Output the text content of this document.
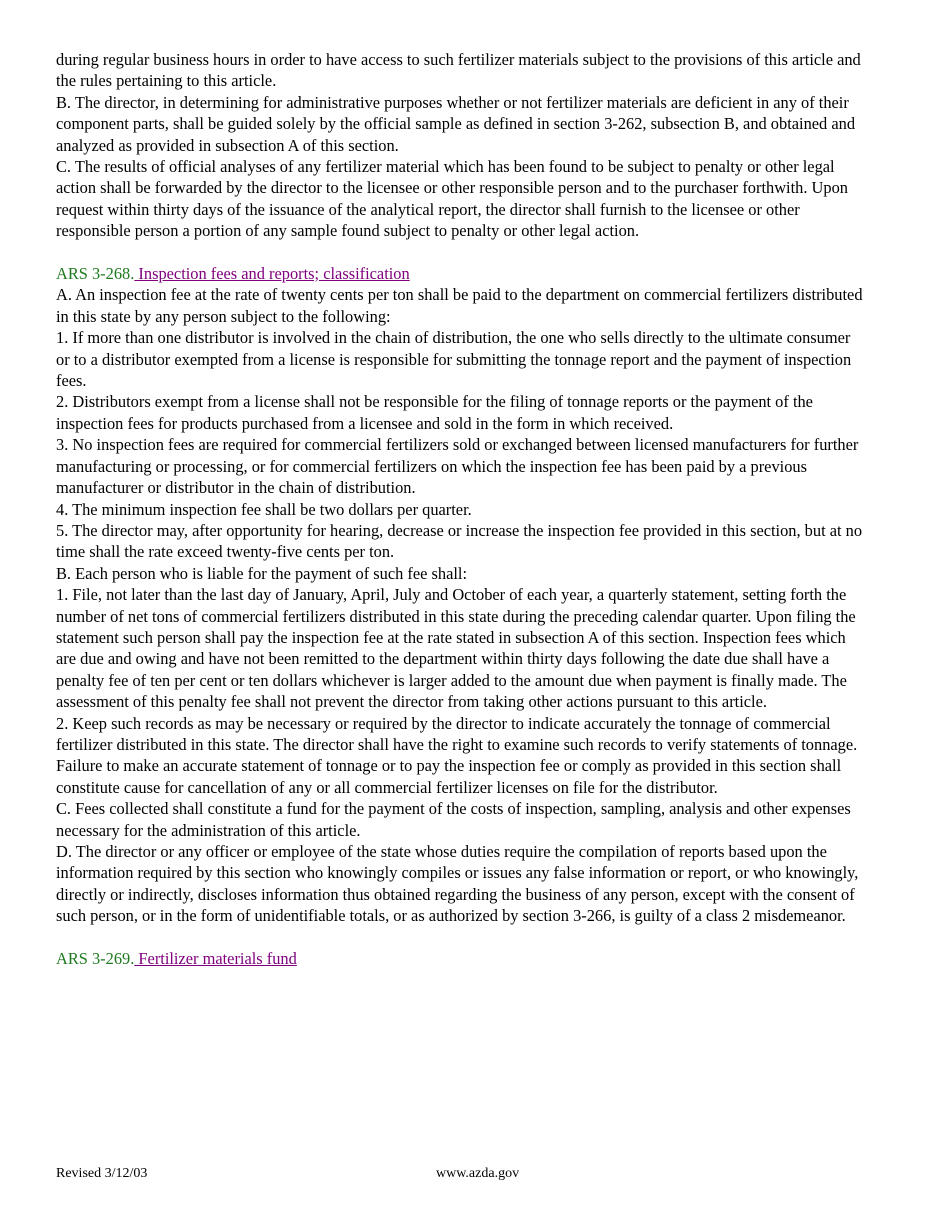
during regular business hours in order to have access to such fertilizer materials subject to the provisions of this article and the rules pertaining to this article.

B. The director, in determining for administrative purposes whether or not fertilizer materials are deficient in any of their component parts, shall be guided solely by the official sample as defined in section 3-262, subsection B, and obtained and analyzed as provided in subsection A of this section.

C. The results of official analyses of any fertilizer material which has been found to be subject to penalty or other legal action shall be forwarded by the director to the licensee or other responsible person and to the purchaser forthwith. Upon request within thirty days of the issuance of the analytical report, the director shall furnish to the licensee or other responsible person a portion of any sample found subject to penalty or other legal action.

ARS 3-268. Inspection fees and reports; classification

A. An inspection fee at the rate of twenty cents per ton shall be paid to the department on commercial fertilizers distributed in this state by any person subject to the following:

1. If more than one distributor is involved in the chain of distribution, the one who sells directly to the ultimate consumer or to a distributor exempted from a license is responsible for submitting the tonnage report and the payment of inspection fees.

2. Distributors exempt from a license shall not be responsible for the filing of tonnage reports or the payment of the inspection fees for products purchased from a licensee and sold in the form in which received.

3. No inspection fees are required for commercial fertilizers sold or exchanged between licensed manufacturers for further manufacturing or processing, or for commercial fertilizers on which the inspection fee has been paid by a previous manufacturer or distributor in the chain of distribution.

4. The minimum inspection fee shall be two dollars per quarter.

5. The director may, after opportunity for hearing, decrease or increase the inspection fee provided in this section, but at no time shall the rate exceed twenty-five cents per ton.

B. Each person who is liable for the payment of such fee shall:

1. File, not later than the last day of January, April, July and October of each year, a quarterly statement, setting forth the number of net tons of commercial fertilizers distributed in this state during the preceding calendar quarter. Upon filing the statement such person shall pay the inspection fee at the rate stated in subsection A of this section. Inspection fees which are due and owing and have not been remitted to the department within thirty days following the date due shall have a penalty fee of ten per cent or ten dollars whichever is larger added to the amount due when payment is finally made. The assessment of this penalty fee shall not prevent the director from taking other actions pursuant to this article.

2. Keep such records as may be necessary or required by the director to indicate accurately the tonnage of commercial fertilizer distributed in this state. The director shall have the right to examine such records to verify statements of tonnage. Failure to make an accurate statement of tonnage or to pay the inspection fee or comply as provided in this section shall constitute cause for cancellation of any or all commercial fertilizer licenses on file for the distributor.

C. Fees collected shall constitute a fund for the payment of the costs of inspection, sampling, analysis and other expenses necessary for the administration of this article.

D. The director or any officer or employee of the state whose duties require the compilation of reports based upon the information required by this section who knowingly compiles or issues any false information or report, or who knowingly, directly or indirectly, discloses information thus obtained regarding the business of any person, except with the consent of such person, or in the form of unidentifiable totals, or as authorized by section 3-266, is guilty of a class 2 misdemeanor.

ARS 3-269. Fertilizer materials fund

Revised 3/12/03	www.azda.gov
